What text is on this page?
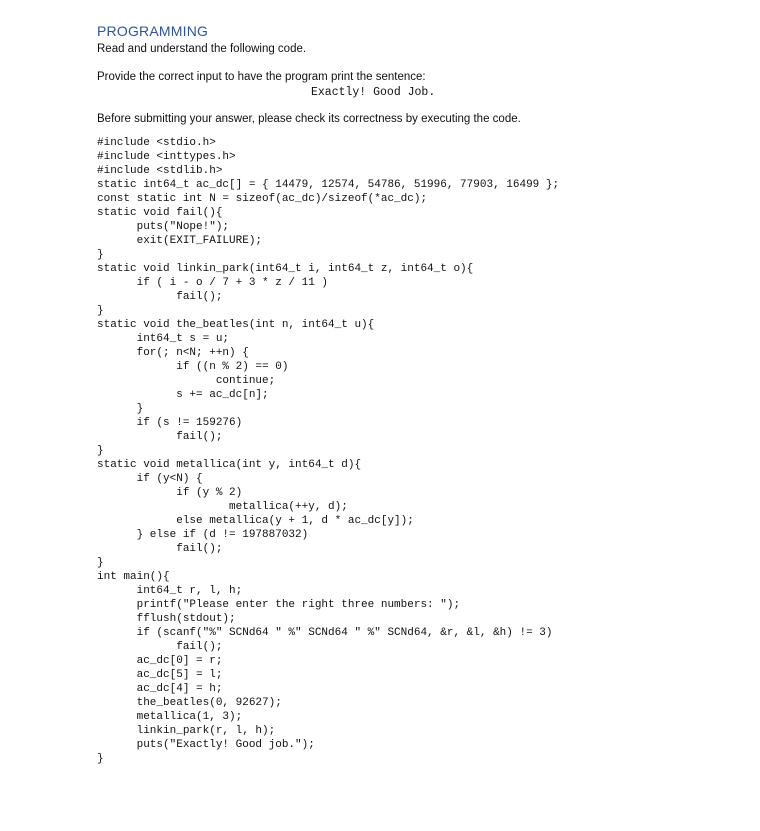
PROGRAMMING
Read and understand the following code.
Provide the correct input to have the program print the sentence:
Exactly! Good Job.
Before submitting your answer, please check its correctness by executing the code.
#include <stdio.h>
#include <inttypes.h>
#include <stdlib.h>
static int64_t ac_dc[] = { 14479, 12574, 54786, 51996, 77903, 16499 };
const static int N = sizeof(ac_dc)/sizeof(*ac_dc);
static void fail(){
puts("Nope!");
exit(EXIT_FAILURE);
}
static void linkin_park(int64_t i, int64_t z, int64_t o){
if ( i - o / 7 + 3 * z / 11 )
fail();
}
static void the_beatles(int n, int64_t u){
int64_t s = u;
for(; n<N; ++n) {
if ((n % 2) == 0)
continue;
s += ac_dc[n];
}
if (s != 159276)
fail();
}
static void metallica(int y, int64_t d){
if (y<N) {
if (y % 2)
metallica(++y, d);
else metallica(y + 1, d * ac_dc[y]);
} else if (d != 197887032)
fail();
}
int main(){
int64_t r, l, h;
printf("Please enter the right three numbers: ");
fflush(stdout);
if (scanf("%" SCNd64 " %" SCNd64 " %" SCNd64, &r, &l, &h) != 3)
fail();
ac_dc[0] = r;
ac_dc[5] = l;
ac_dc[4] = h;
the_beatles(0, 92627);
metallica(1, 3);
linkin_park(r, l, h);
puts("Exactly! Good job.");
}
